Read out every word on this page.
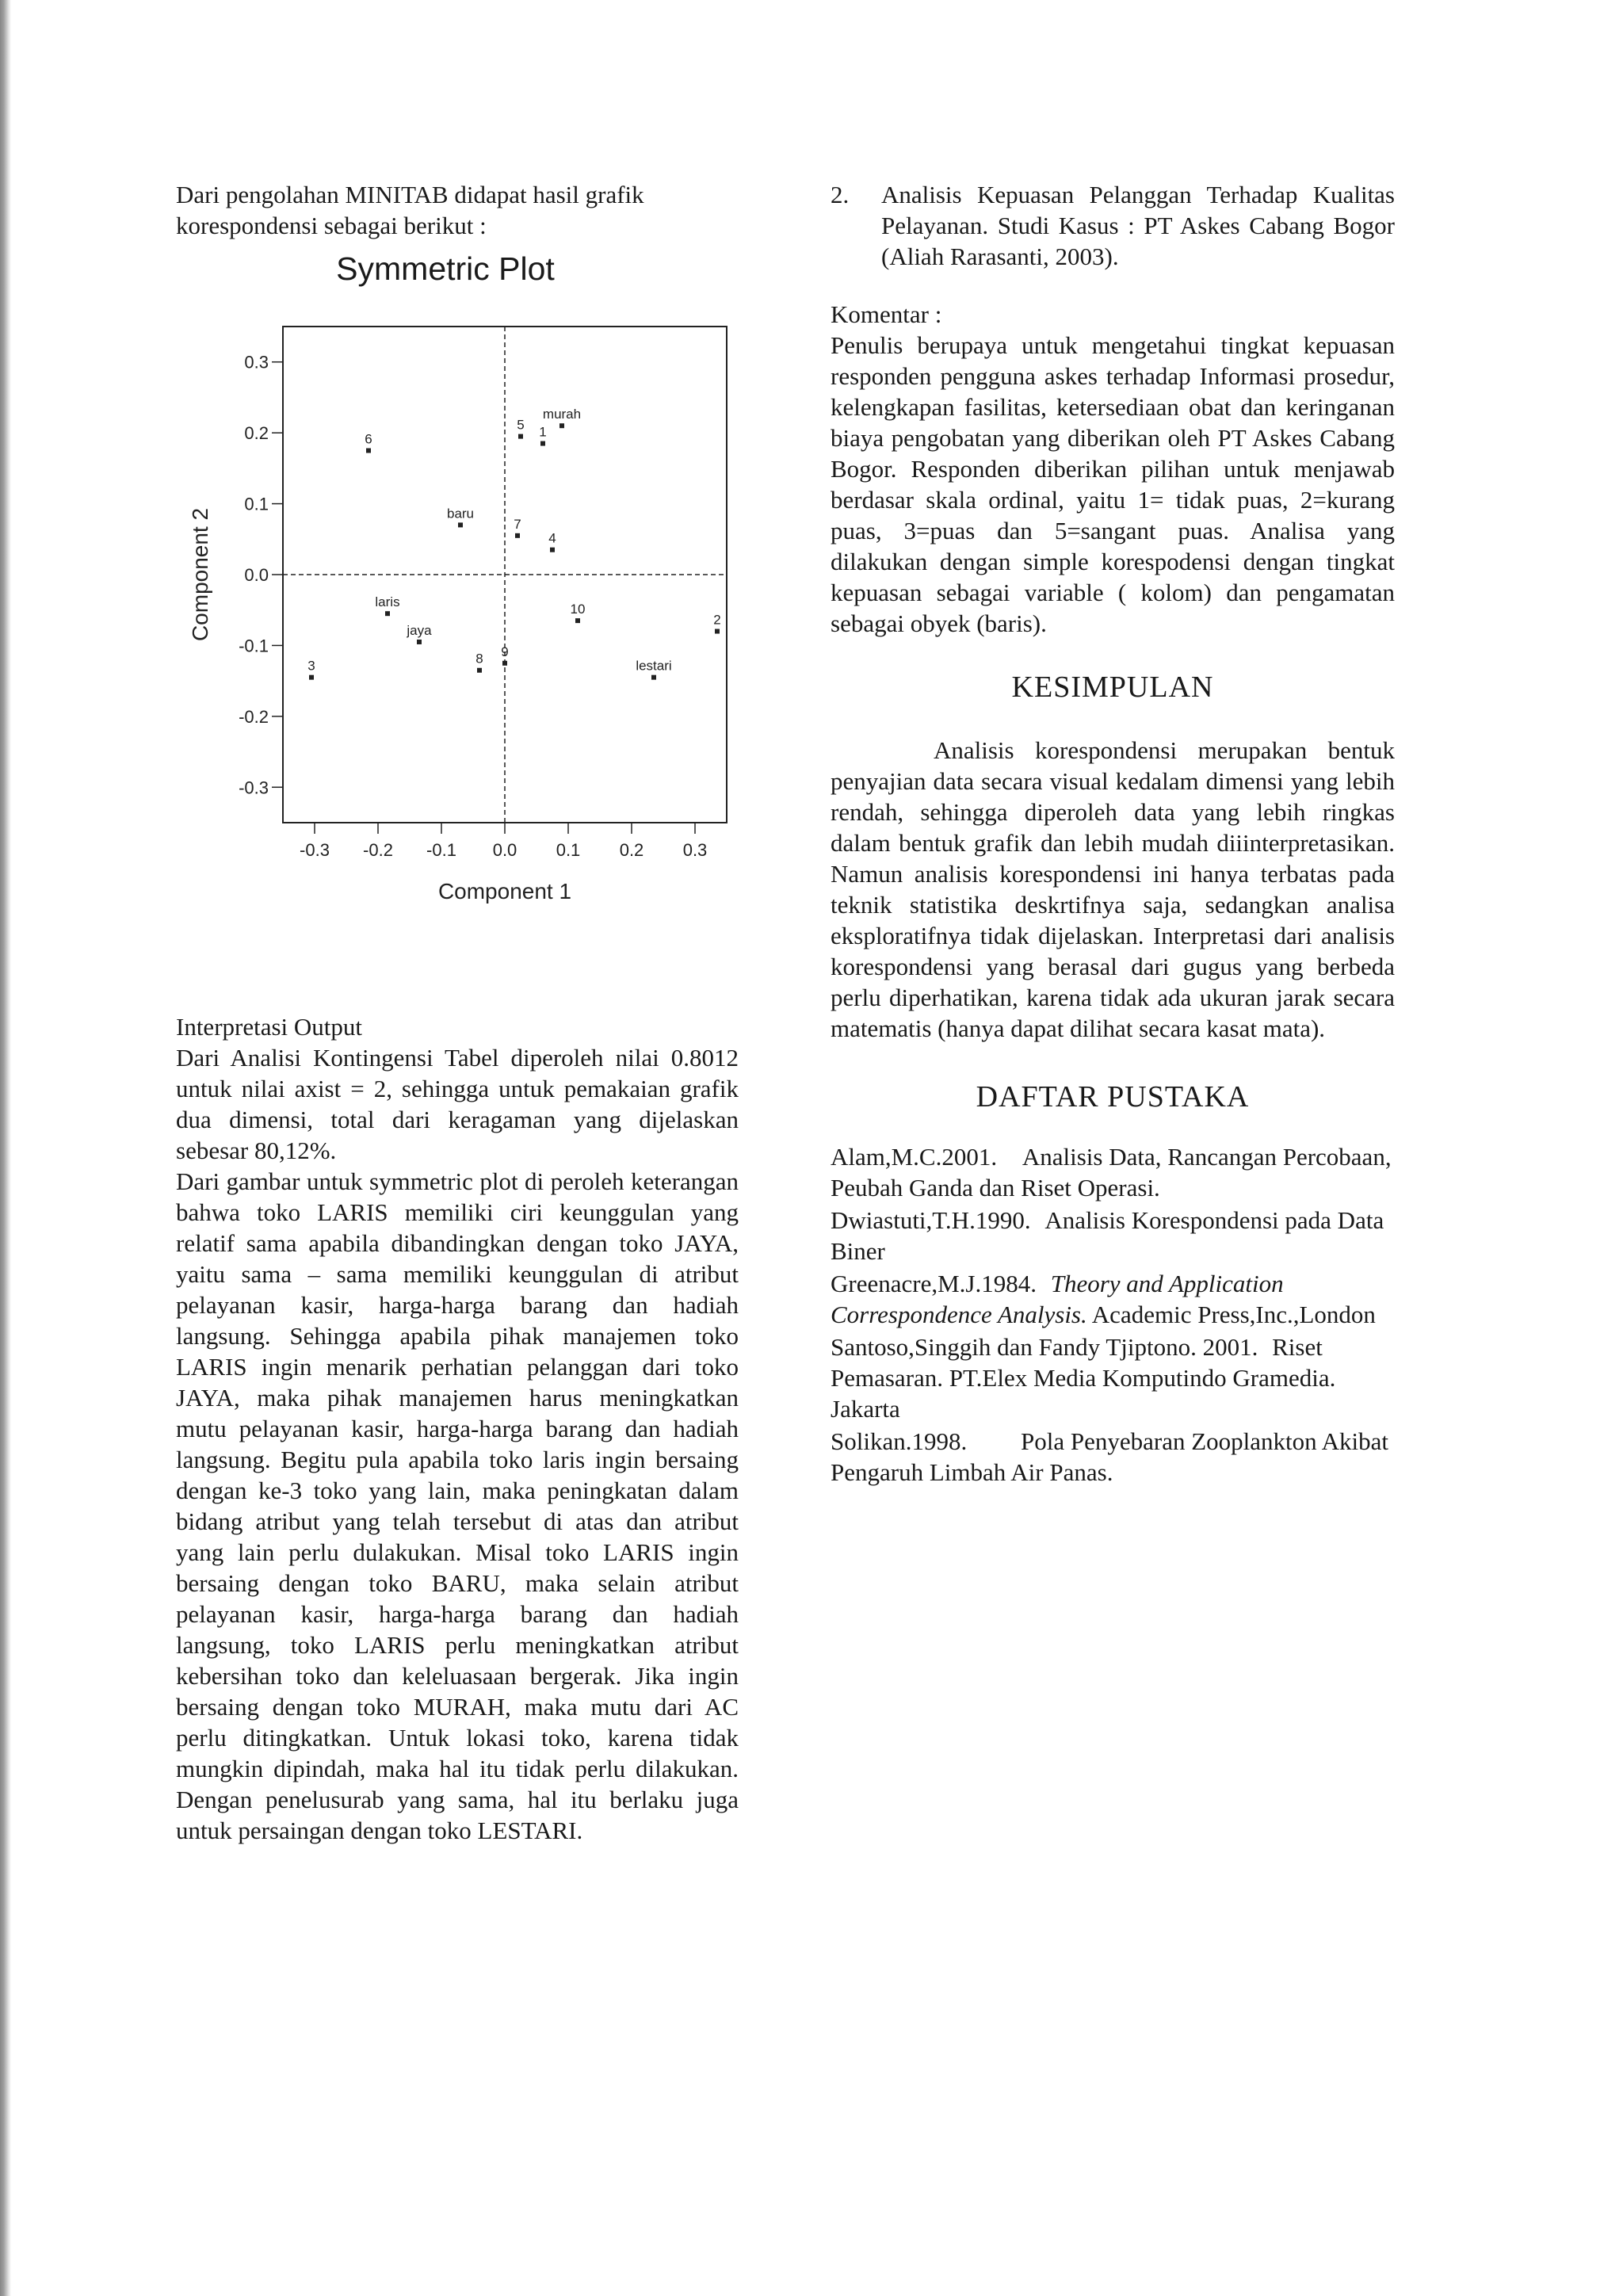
Dari pengolahan MINITAB didapat hasil grafik korespondensi sebagai berikut :

Symmetric Plot
-0.3 -0.2 -0.1 0.0 0.1 0.2 0.3
0.3
0.2
0.1
0.0
-0.1
-0.2
-0.3
Component 1
Component 2
murah
5 1
6
baru
7
4
laris	10
2
jaya
9
8
3	lestari

Interpretasi Output

Dari Analisi Kontingensi Tabel diperoleh nilai 0.8012 untuk nilai axist = 2, sehingga untuk pemakaian grafik dua dimensi, total dari keragaman yang dijelaskan sebesar 80,12%.

Dari gambar untuk symmetric plot di peroleh keterangan bahwa toko LARIS memiliki ciri keunggulan yang relatif sama apabila dibandingkan dengan toko JAYA, yaitu sama – sama memiliki keunggulan di atribut pelayanan kasir, harga-harga barang dan hadiah langsung. Sehingga apabila pihak manajemen toko LARIS ingin menarik perhatian pelanggan dari toko JAYA, maka pihak manajemen harus meningkatkan mutu pelayanan kasir, harga-harga barang dan hadiah langsung. Begitu pula apabila toko laris ingin bersaing dengan ke-3 toko yang lain, maka peningkatan dalam bidang atribut yang telah tersebut di atas dan atribut yang lain perlu dulakukan. Misal toko LARIS ingin bersaing dengan toko BARU, maka selain atribut pelayanan kasir, harga-harga barang dan hadiah langsung, toko LARIS perlu meningkatkan atribut kebersihan toko dan keleluasaan bergerak. Jika ingin bersaing dengan toko MURAH, maka mutu dari AC perlu ditingkatkan. Untuk lokasi toko, karena tidak mungkin dipindah, maka hal itu tidak perlu dilakukan. Dengan penelusurab yang sama, hal itu berlaku juga untuk persaingan dengan toko LESTARI.

2.	Analisis Kepuasan Pelanggan Terhadap Kualitas Pelayanan. Studi Kasus : PT Askes Cabang Bogor (Aliah Rarasanti, 2003).

Komentar :

Penulis berupaya untuk mengetahui tingkat kepuasan responden pengguna askes terhadap Informasi prosedur, kelengkapan fasilitas, ketersediaan obat dan keringanan biaya pengobatan yang diberikan oleh PT Askes Cabang Bogor. Responden diberikan pilihan untuk menjawab berdasar skala ordinal, yaitu 1= tidak puas, 2=kurang puas, 3=puas dan 5=sangant puas. Analisa yang dilakukan dengan simple korespodensi dengan tingkat kepuasan sebagai variable ( kolom) dan pengamatan sebagai obyek (baris).

KESIMPULAN

Analisis korespondensi merupakan bentuk penyajian data secara visual kedalam dimensi yang lebih rendah, sehingga diperoleh data yang lebih ringkas dalam bentuk grafik dan lebih mudah diiinterpretasikan. Namun analisis korespondensi ini hanya terbatas pada teknik statistika deskrtifnya saja, sedangkan analisa eksploratifnya tidak dijelaskan. Interpretasi dari analisis korespondensi yang berasal dari gugus yang berbeda perlu diperhatikan, karena tidak ada ukuran jarak secara matematis (hanya dapat dilihat secara kasat mata).

DAFTAR PUSTAKA
Alam,M.C.2001. Analisis Data, Rancangan Percobaan, Peubah Ganda dan Riset Operasi.
Dwiastuti,T.H.1990. Analisis Korespondensi pada Data Biner
Greenacre,M.J.1984. Theory and Application Correspondence Analysis. Academic Press,Inc.,London
Santoso,Singgih dan Fandy Tjiptono. 2001. Riset Pemasaran. PT.Elex Media Komputindo Gramedia. Jakarta
Solikan.1998. Pola Penyebaran Zooplankton Akibat Pengaruh Limbah Air Panas.
